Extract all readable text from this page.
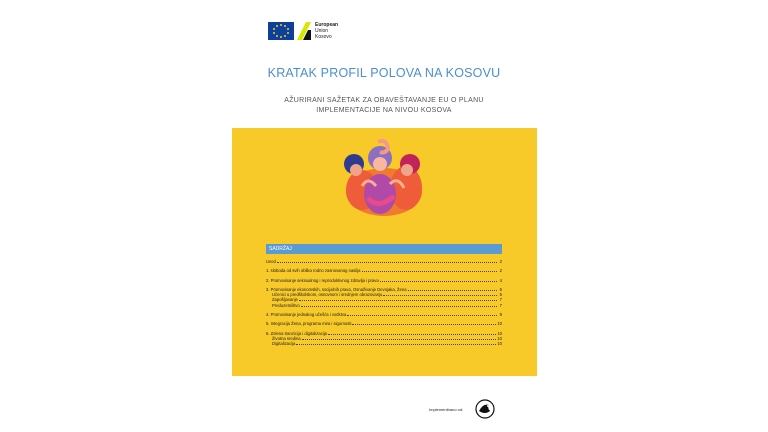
European
Union
Kosovo
KRATAK PROFIL POLOVA NA KOSOVU
AŽURIRANI SAŽETAK ZA OBAVEŠTAVANJE EU O PLANU
IMPLEMENTACIJE NA NIVOU KOSOVA
SADRŽAJ
Uvod	2
1. sloboda od svih oblika rodno zasnovanog nasilja	2
2. Promovisanje seksualnog i reproduktivnog zdravlja i prava	4
3. Promovisanje ekonomskih, socijalnih prava, Osnaživanje Devojaka, Žena	5
Učenici u predškolskom, osnovnom i srednjem obrazovanju	5
Zapošljavanje	7
Preduzetništvo	7
4. Promovisanje jednakog učešća i vođstva	9
5. Integracija Žena, programa mira i sigurnosti	10
6. Zelena tranzicija i digitalizacija	10
Životna sredina	10
Digitalizacija	10
Implementirano od:
